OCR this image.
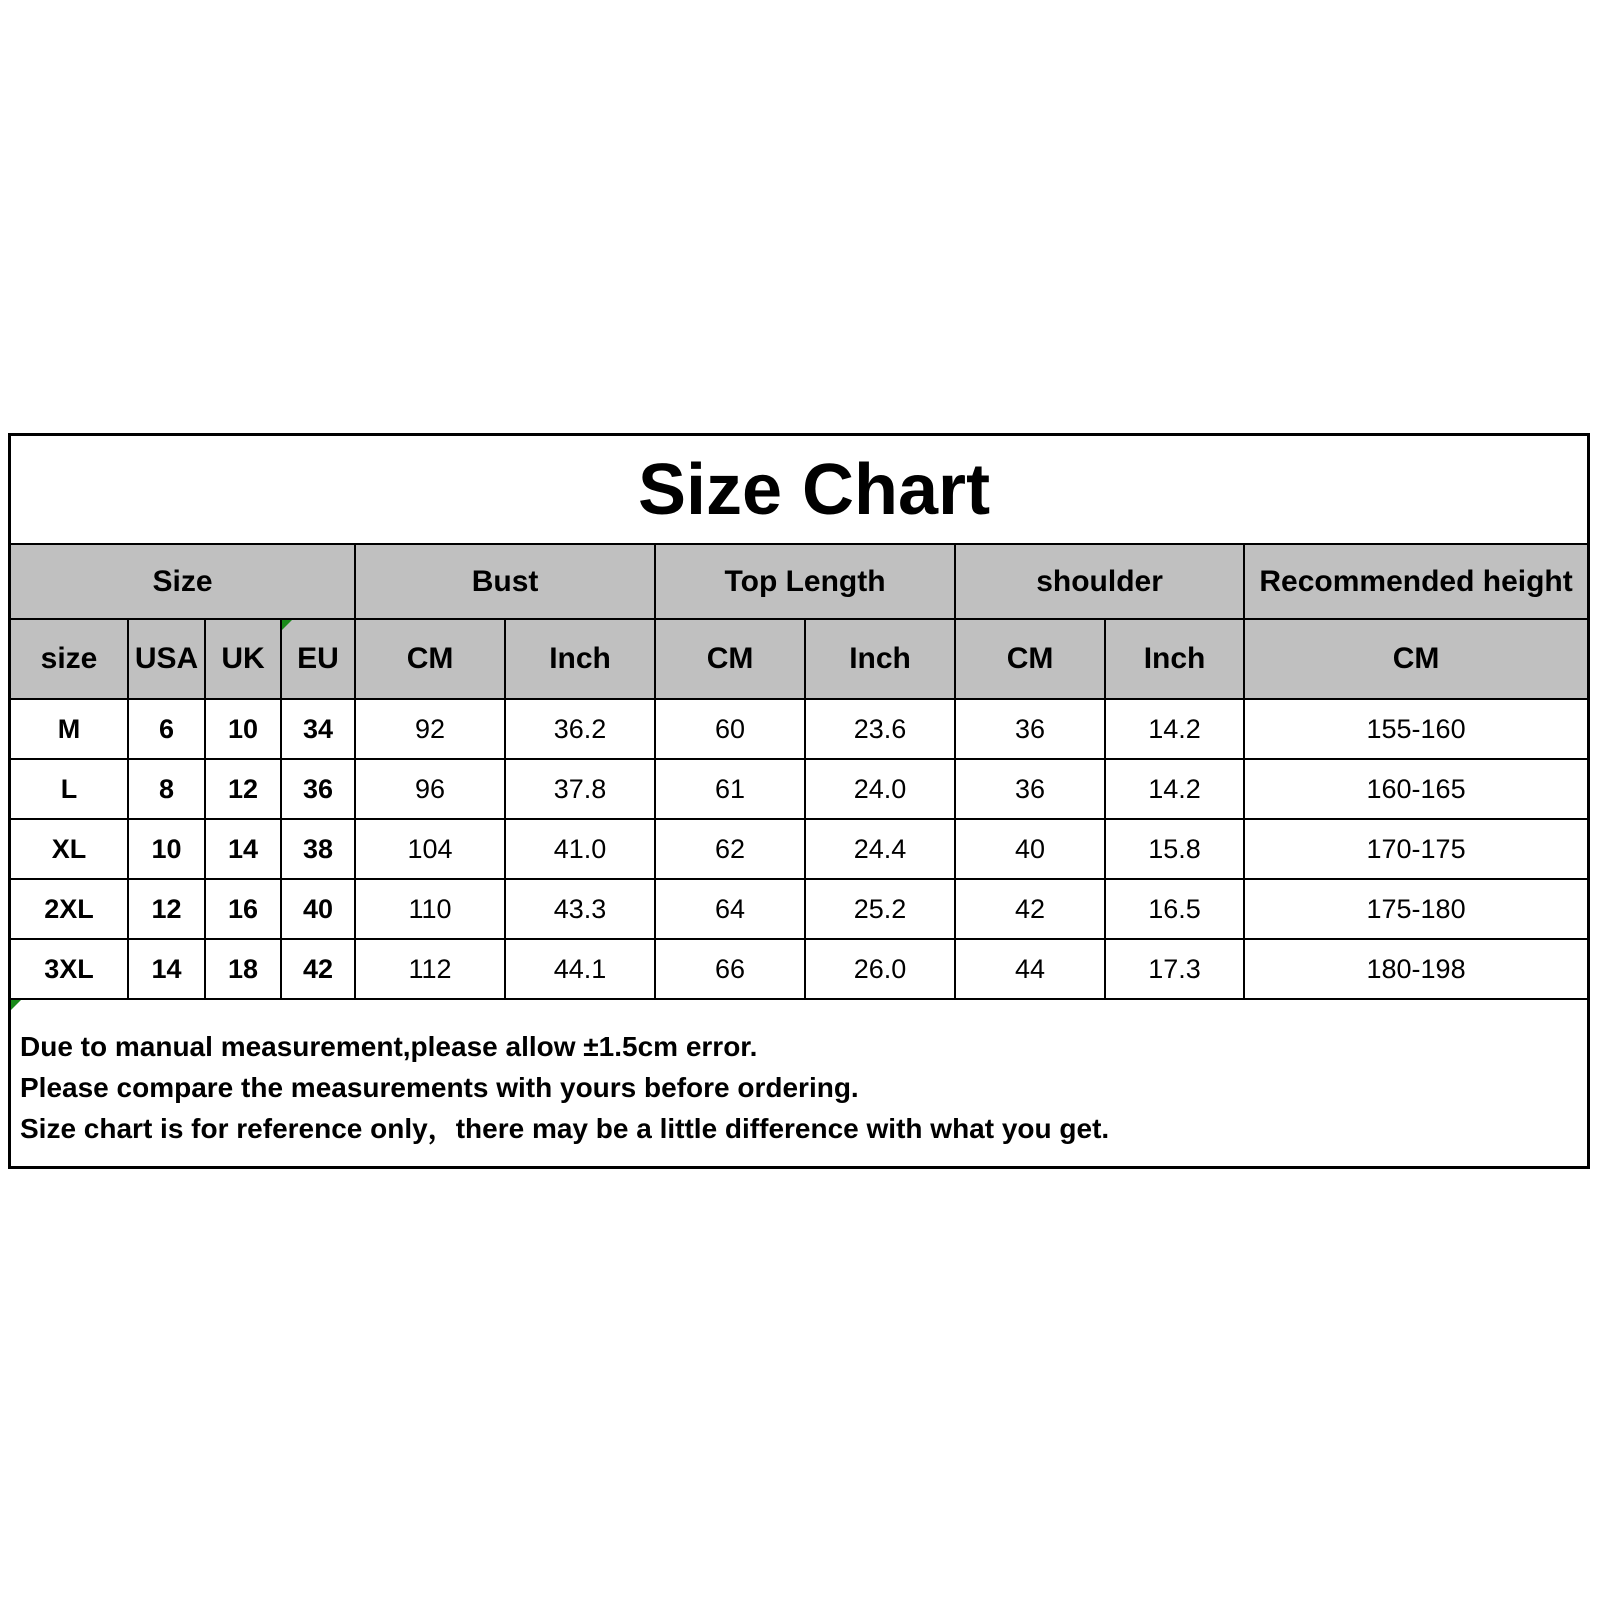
Size Chart
Size				Bust		Top Length		shoulder		Recommended height
size	USA	UK	EU	CM	Inch	CM	Inch	CM	Inch	CM
M	6	10	34	92	36.2	60	23.6	36	14.2	155-160
L	8	12	36	96	37.8	61	24.0	36	14.2	160-165
XL	10	14	38	104	41.0	62	24.4	40	15.8	170-175
2XL	12	16	40	110	43.3	64	25.2	42	16.5	175-180
3XL	14	18	42	112	44.1	66	26.0	44	17.3	180-198
Due to manual measurement,please allow ±1.5cm error.
Please compare the measurements with yours before ordering.
Size chart is for reference only，there may be a little difference with what you get.
